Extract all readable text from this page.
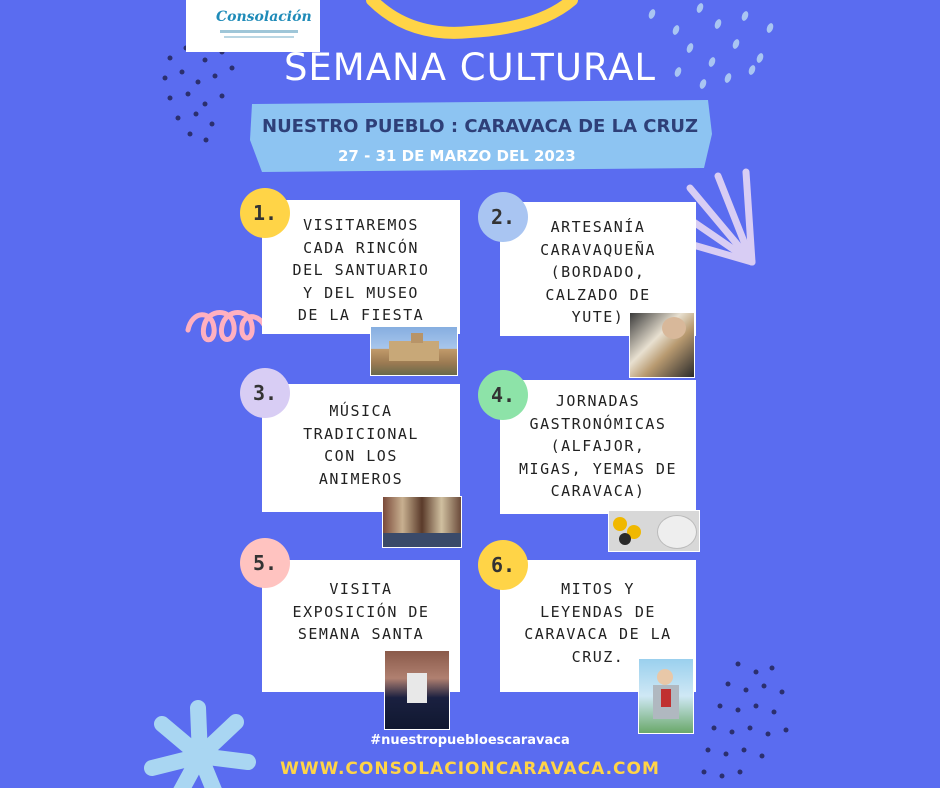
Consolación
SEMANA CULTURAL
NUESTRO PUEBLO : CARAVACA DE LA CRUZ
27 - 31 DE MARZO DEL 2023
VISITAREMOS
CADA RINCÓN
DEL SANTUARIO
Y DEL MUSEO
DE LA FIESTA
1.
ARTESANÍA
CARAVAQUEÑA
(BORDADO,
CALZADO DE
YUTE)
2.
MÚSICA
TRADICIONAL
CON LOS
ANIMEROS
3.	JORNADAS
GASTRONÓMICAS
(ALFAJOR,
MIGAS, YEMAS DE
CARAVACA)
4.
VISITA
EXPOSICIÓN DE
SEMANA SANTA
5.
MITOS Y
LEYENDAS DE
CARAVACA DE LA
CRUZ.
6.
#nuestropuebloescaravaca
WWW.CONSOLACIONCARAVACA.COM
